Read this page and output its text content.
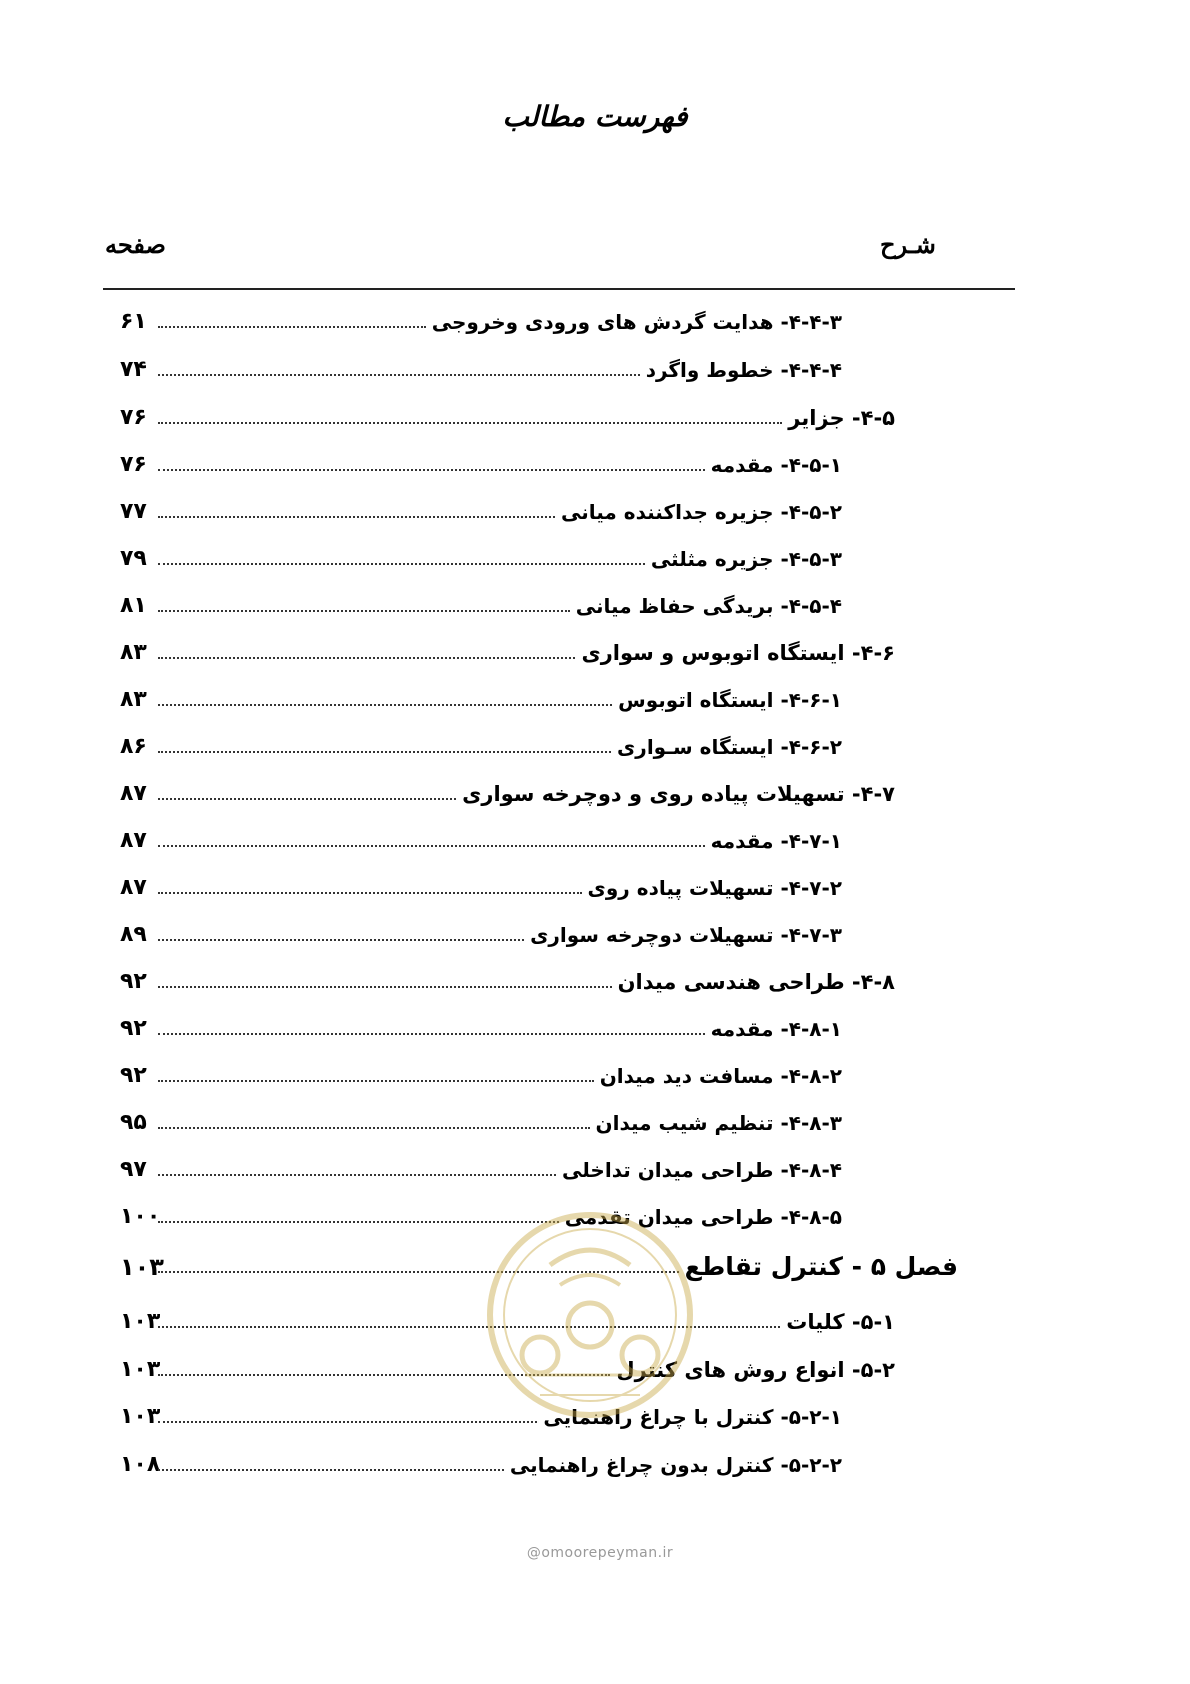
فهرست مطالب
شـرح
صفحه
۴-۴-۳- هدایت گردش های ورودی وخروجی
۶۱
۴-۴-۴- خطوط واگرد
۷۴
۴-۵- جزایر
۷۶
۴-۵-۱- مقدمه
۷۶
۴-۵-۲- جزیره جداکننده میانی
۷۷
۴-۵-۳- جزیره مثلثی
۷۹
۴-۵-۴- بریدگی حفاظ میانی
۸۱
۴-۶- ایستگاه اتوبوس و سواری
۸۳
۴-۶-۱- ایستگاه اتوبوس
۸۳
۴-۶-۲- ایستگاه سـواری
۸۶
۴-۷- تسهیلات پیاده روی و دوچرخه سواری
۸۷
۴-۷-۱- مقدمه
۸۷
۴-۷-۲- تسهیلات پیاده روی
۸۷
۴-۷-۳- تسهیلات دوچرخه سواری
۸۹
۴-۸- طراحی هندسی میدان
۹۲
۴-۸-۱- مقدمه
۹۲
۴-۸-۲- مسافت دید میدان
۹۲
۴-۸-۳- تنظیم شیب میدان
۹۵
۴-۸-۴- طراحی میدان تداخلی
۹۷
۴-۸-۵- طراحی میدان تقدمی
۱۰۰
فصل ۵ - کنترل تقاطع
۱۰۳
۵-۱- کلیات
۱۰۳
۵-۲- انواع روش های کنترل
۱۰۳
۵-۲-۱- کنترل با چراغ راهنمایی
۱۰۳
۵-۲-۲- کنترل بدون چراغ راهنمایی
۱۰۸
@omoorepeyman.ir
